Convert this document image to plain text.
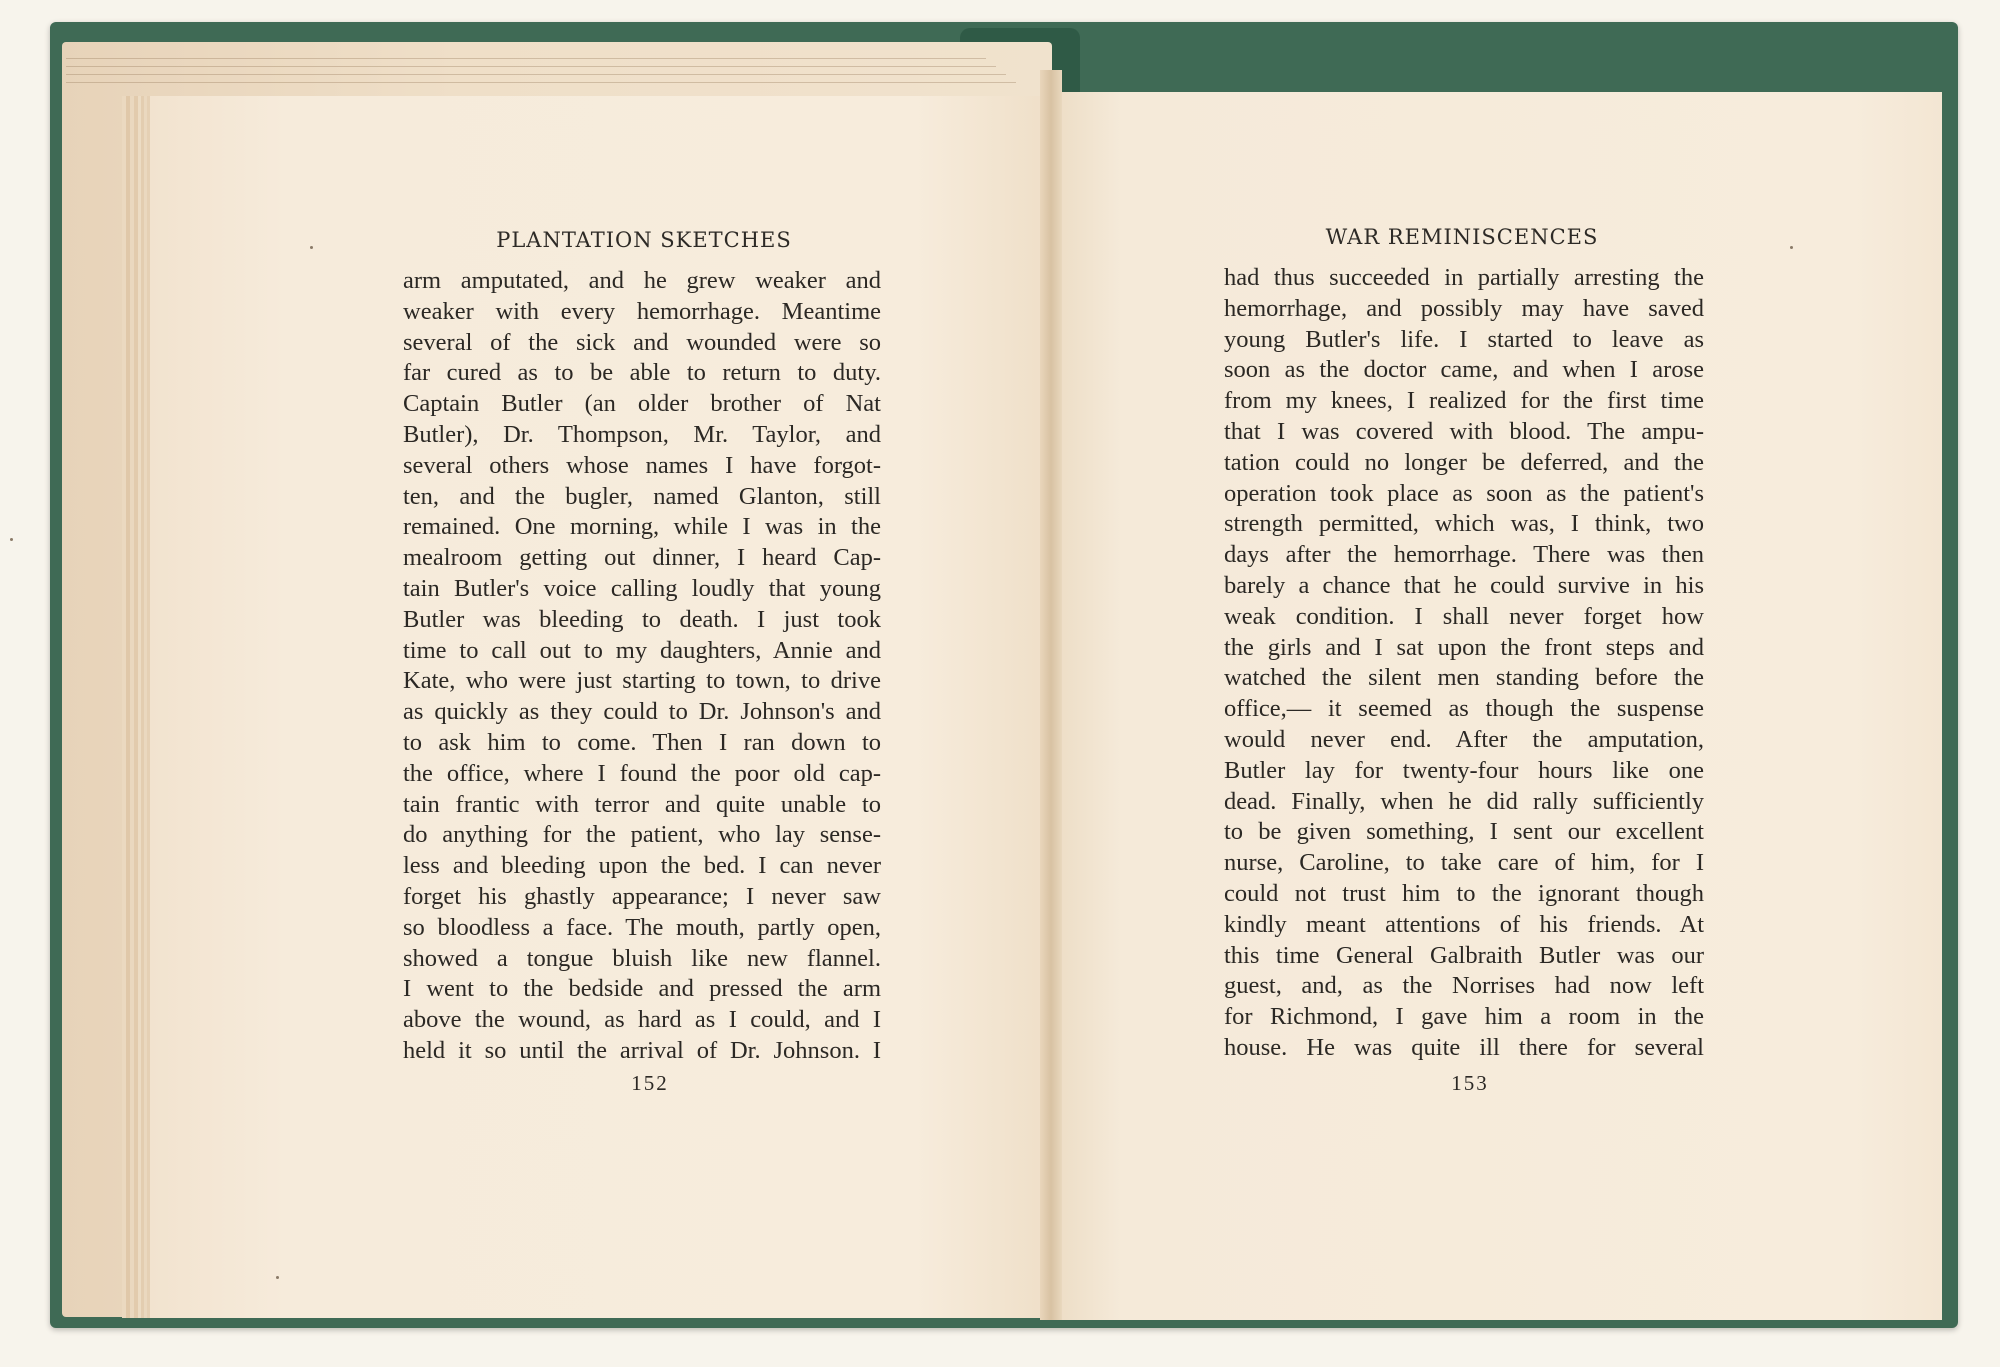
PLANTATION SKETCHES
arm amputated, and he grew weaker and
weaker with every hemorrhage. Meantime
several of the sick and wounded were so
far cured as to be able to return to duty.
Captain Butler (an older brother of Nat
Butler), Dr. Thompson, Mr. Taylor, and
several others whose names I have forgot-
ten, and the bugler, named Glanton, still
remained. One morning, while I was in the
mealroom getting out dinner, I heard Cap-
tain Butler's voice calling loudly that young
Butler was bleeding to death. I just took
time to call out to my daughters, Annie and
Kate, who were just starting to town, to drive
as quickly as they could to Dr. Johnson's and
to ask him to come. Then I ran down to
the office, where I found the poor old cap-
tain frantic with terror and quite unable to
do anything for the patient, who lay sense-
less and bleeding upon the bed. I can never
forget his ghastly appearance; I never saw
so bloodless a face. The mouth, partly open,
showed a tongue bluish like new flannel.
I went to the bedside and pressed the arm
above the wound, as hard as I could, and I
held it so until the arrival of Dr. Johnson. I
152
WAR REMINISCENCES
had thus succeeded in partially arresting the
hemorrhage, and possibly may have saved
young Butler's life. I started to leave as
soon as the doctor came, and when I arose
from my knees, I realized for the first time
that I was covered with blood. The ampu-
tation could no longer be deferred, and the
operation took place as soon as the patient's
strength permitted, which was, I think, two
days after the hemorrhage. There was then
barely a chance that he could survive in his
weak condition. I shall never forget how
the girls and I sat upon the front steps and
watched the silent men standing before the
office,— it seemed as though the suspense
would never end. After the amputation,
Butler lay for twenty-four hours like one
dead. Finally, when he did rally sufficiently
to be given something, I sent our excellent
nurse, Caroline, to take care of him, for I
could not trust him to the ignorant though
kindly meant attentions of his friends. At
this time General Galbraith Butler was our
guest, and, as the Norrises had now left
for Richmond, I gave him a room in the
house. He was quite ill there for several
153
